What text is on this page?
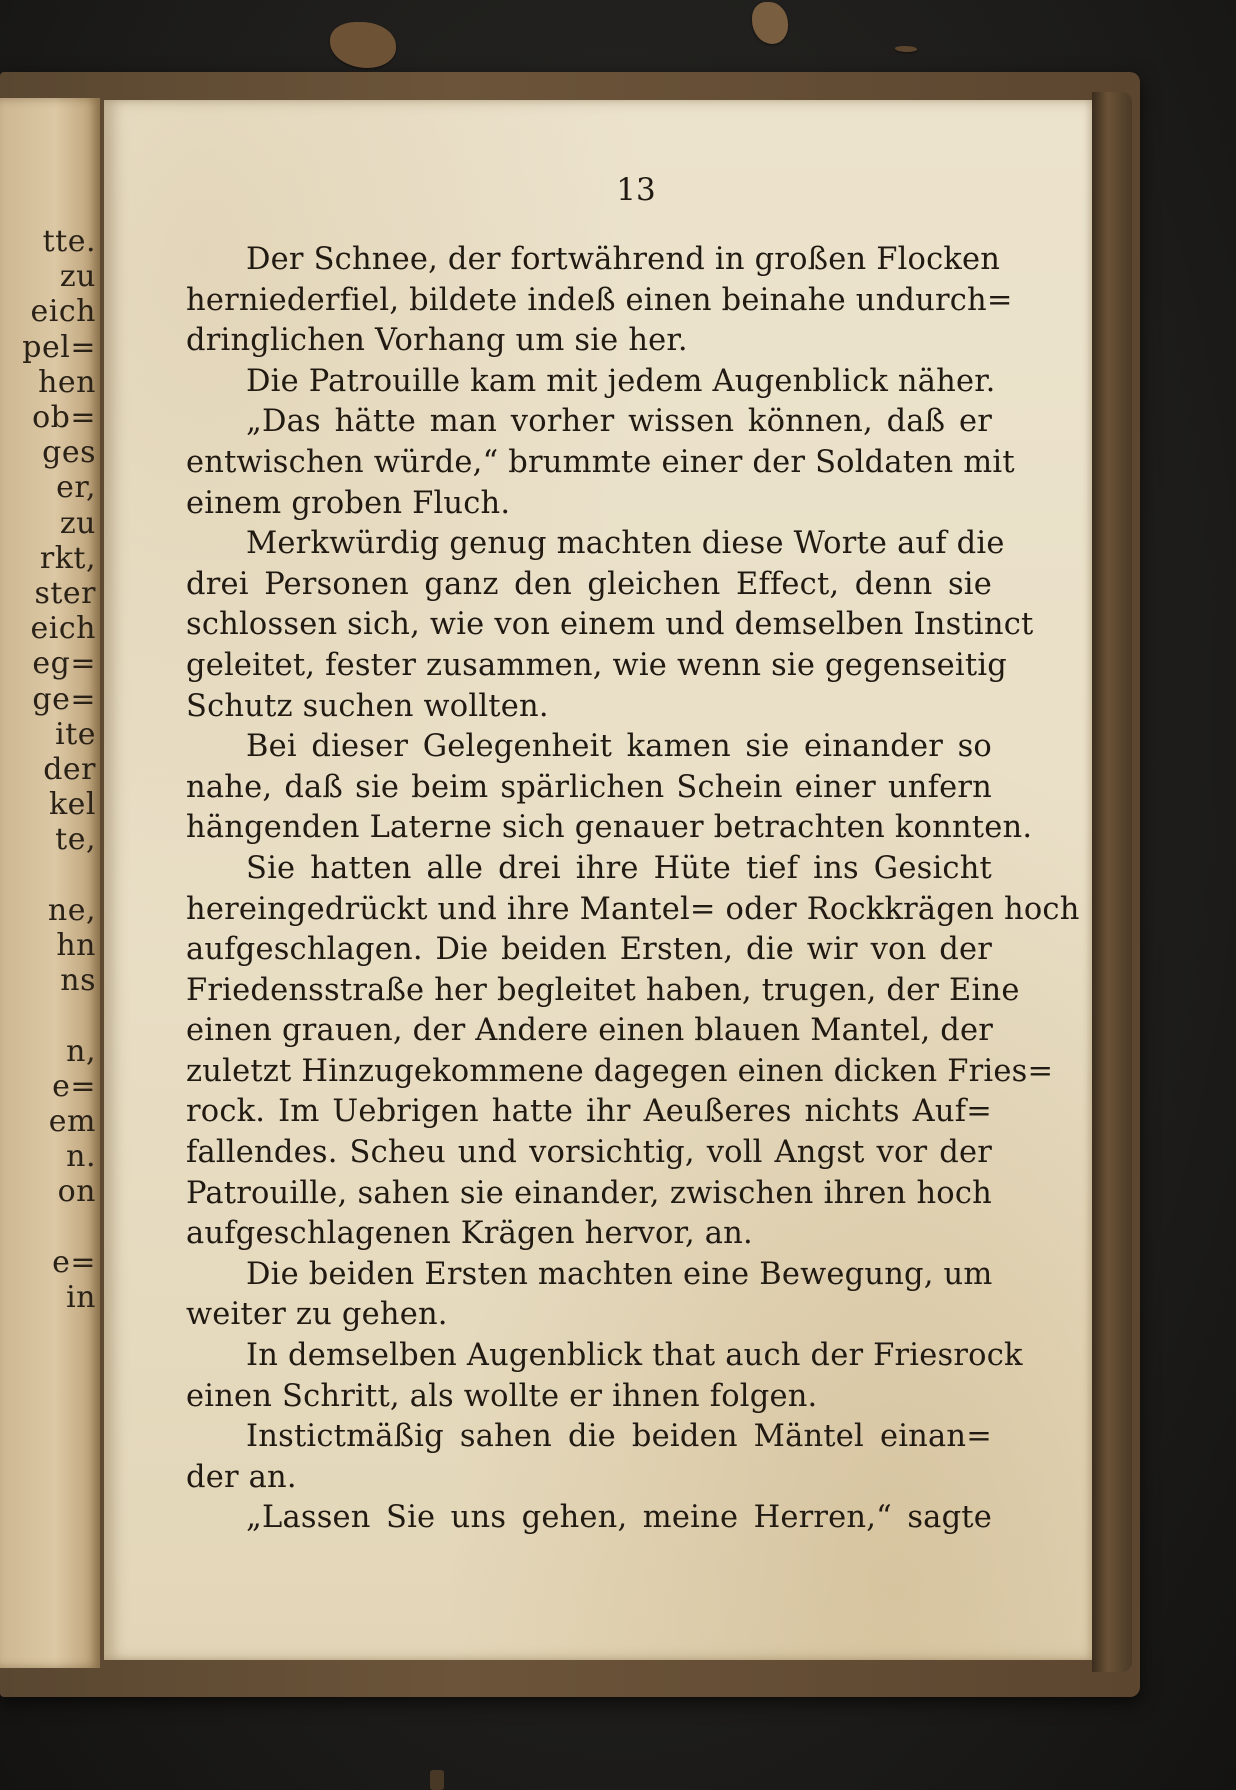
tte.
zu
eich
pel=
hen
ob=
ges
er,
zu
rkt,
ster
eich
eg=
ge=
ite
der
kel
te,
ne,
hn
ns
n,
e=
em
n.
on
e=
in
13
Der Schnee, der fortwährend in großen Flocken
herniederfiel, bildete indeß einen beinahe undurch=
dringlichen Vorhang um sie her.
Die Patrouille kam mit jedem Augenblick näher.
„Das hätte man vorher wissen können, daß er
entwischen würde,“ brummte einer der Soldaten mit
einem groben Fluch.
Merkwürdig genug machten diese Worte auf die
drei Personen ganz den gleichen Effect, denn sie
schlossen sich, wie von einem und demselben Instinct
geleitet, fester zusammen, wie wenn sie gegenseitig
Schutz suchen wollten.
Bei dieser Gelegenheit kamen sie einander so
nahe, daß sie beim spärlichen Schein einer unfern
hängenden Laterne sich genauer betrachten konnten.
Sie hatten alle drei ihre Hüte tief ins Gesicht
hereingedrückt und ihre Mantel= oder Rockkrägen hoch
aufgeschlagen. Die beiden Ersten, die wir von der
Friedensstraße her begleitet haben, trugen, der Eine
einen grauen, der Andere einen blauen Mantel, der
zuletzt Hinzugekommene dagegen einen dicken Fries=
rock. Im Uebrigen hatte ihr Aeußeres nichts Auf=
fallendes. Scheu und vorsichtig, voll Angst vor der
Patrouille, sahen sie einander, zwischen ihren hoch
aufgeschlagenen Krägen hervor, an.
Die beiden Ersten machten eine Bewegung, um
weiter zu gehen.
In demselben Augenblick that auch der Friesrock
einen Schritt, als wollte er ihnen folgen.
Instictmäßig sahen die beiden Mäntel einan=
der an.
„Lassen Sie uns gehen, meine Herren,“ sagte
